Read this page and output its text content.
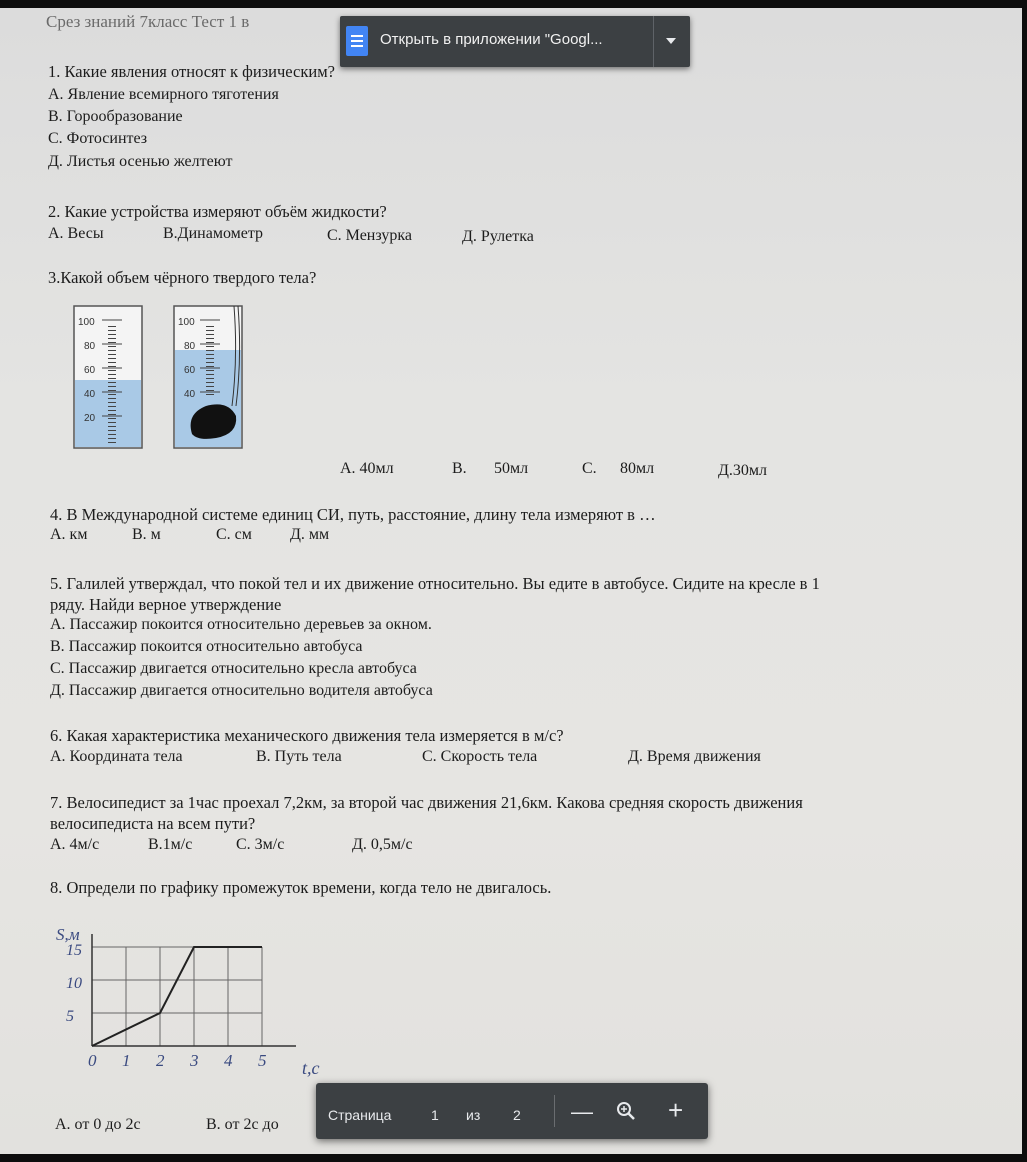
Срез знаний 7класс Тест 1 в
1. Какие явления относят к физическим?
А. Явление всемирного тяготения
В. Горообразование
С. Фотосинтез
Д. Листья осенью желтеют
2. Какие устройства измеряют объём жидкости?
А. Весы	В.Динамометр	С. Мензурка	Д. Рулетка
3.Какой объем чёрного твердого тела?
100
80
60
40
20
100
80
60
40
А. 40мл	В. 50мл	С. 80мл	Д.30мл
4. В Международной системе единиц СИ, путь, расстояние, длину тела измеряют в …
А. км	В. м	С. см Д. мм
5. Галилей утверждал, что покой тел и их движение относительно. Вы едите в автобусе. Сидите на кресле в 1
ряду. Найди верное утверждение
А. Пассажир покоится относительно деревьев за окном.
В. Пассажир покоится относительно автобуса
С. Пассажир двигается относительно кресла автобуса
Д. Пассажир двигается относительно водителя автобуса
6. Какая характеристика механического движения тела измеряется в м/с?
А. Координата тела	В. Путь тела	С. Скорость тела	Д. Время движения
7. Велосипедист за 1час проехал 7,2км, за второй час движения 21,6км. Какова средняя скорость движения
велосипедиста на всем пути?
А. 4м/с	В.1м/с	С. 3м/с	Д. 0,5м/с
8. Определи по графику промежуток времени, когда тело не двигалось.
S,м
t,c
15
10
5
0 1 2 3 4 5
А. от 0 до 2с	В. от 2с до
Открыть в приложении "Googl...
Страница	1 из 2 —	+
